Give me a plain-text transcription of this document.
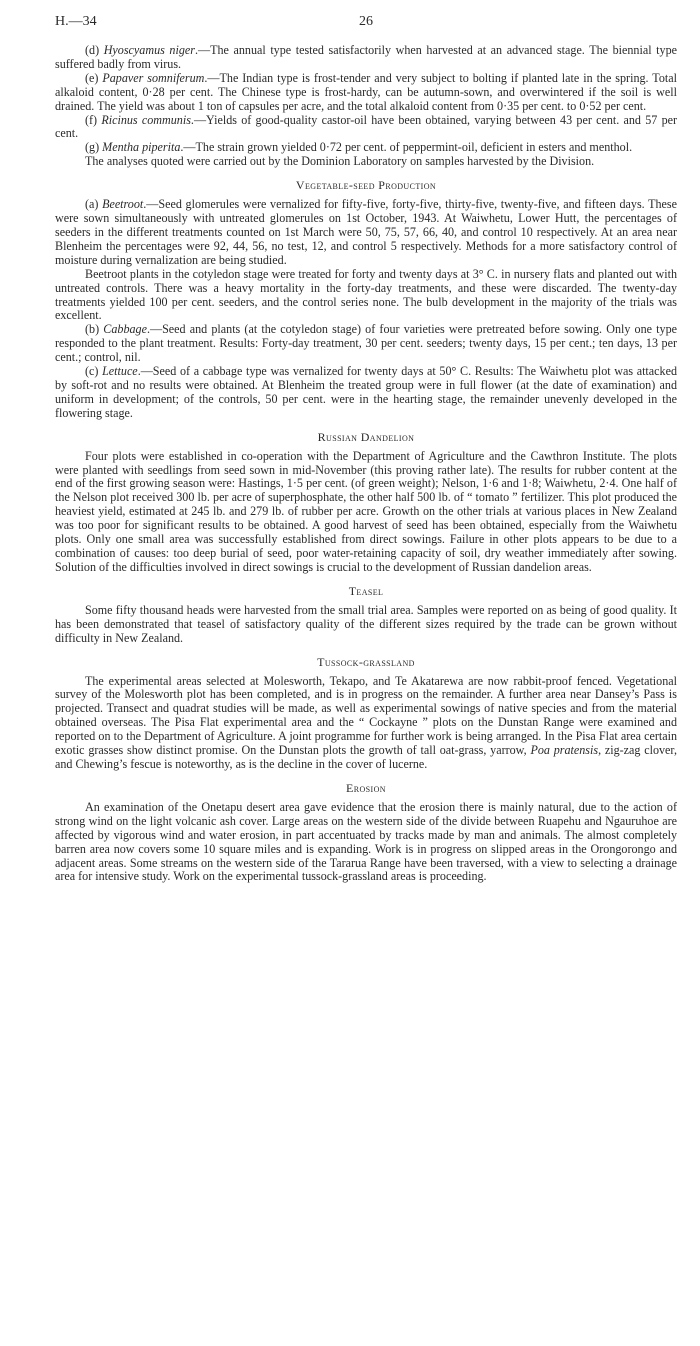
H.—34	26

(d) Hyoscyamus niger.—The annual type tested satisfactorily when harvested at an advanced stage. The biennial type suffered badly from virus.

(e) Papaver somniferum.—The Indian type is frost-tender and very subject to bolting if planted late in the spring. Total alkaloid content, 0·28 per cent. The Chinese type is frost-hardy, can be autumn-sown, and overwintered if the soil is well drained. The yield was about 1 ton of capsules per acre, and the total alkaloid content from 0·35 per cent. to 0·52 per cent.

(f) Ricinus communis.—Yields of good-quality castor-oil have been obtained, varying between 43 per cent. and 57 per cent.

(g) Mentha piperita.—The strain grown yielded 0·72 per cent. of peppermint-oil, deficient in esters and menthol.

The analyses quoted were carried out by the Dominion Laboratory on samples harvested by the Division.

Vegetable-seed Production

(a) Beetroot.—Seed glomerules were vernalized for fifty-five, forty-five, thirty-five, twenty-five, and fifteen days. These were sown simultaneously with untreated glomerules on 1st October, 1943. At Waiwhetu, Lower Hutt, the percentages of seeders in the different treatments counted on 1st March were 50, 75, 57, 66, 40, and control 10 respectively. At an area near Blenheim the percentages were 92, 44, 56, no test, 12, and control 5 respectively. Methods for a more satisfactory control of moisture during vernalization are being studied.

Beetroot plants in the cotyledon stage were treated for forty and twenty days at 3° C. in nursery flats and planted out with untreated controls. There was a heavy mortality in the forty-day treatments, and these were discarded. The twenty-day treatments yielded 100 per cent. seeders, and the control series none. The bulb development in the majority of the trials was excellent.

(b) Cabbage.—Seed and plants (at the cotyledon stage) of four varieties were pretreated before sowing. Only one type responded to the plant treatment. Results: Forty-day treatment, 30 per cent. seeders; twenty days, 15 per cent.; ten days, 13 per cent.; control, nil.

(c) Lettuce.—Seed of a cabbage type was vernalized for twenty days at 50° C. Results: The Waiwhetu plot was attacked by soft-rot and no results were obtained. At Blenheim the treated group were in full flower (at the date of examination) and uniform in development; of the controls, 50 per cent. were in the hearting stage, the remainder unevenly developed in the flowering stage.

Russian Dandelion

Four plots were established in co-operation with the Department of Agriculture and the Cawthron Institute. The plots were planted with seedlings from seed sown in mid-November (this proving rather late). The results for rubber content at the end of the first growing season were: Hastings, 1·5 per cent. (of green weight); Nelson, 1·6 and 1·8; Waiwhetu, 2·4. One half of the Nelson plot received 300 lb. per acre of superphosphate, the other half 500 lb. of “ tomato ” fertilizer. This plot produced the heaviest yield, estimated at 245 lb. and 279 lb. of rubber per acre. Growth on the other trials at various places in New Zealand was too poor for significant results to be obtained. A good harvest of seed has been obtained, especially from the Waiwhetu plots. Only one small area was successfully established from direct sowings. Failure in other plots appears to be due to a combination of causes: too deep burial of seed, poor water-retaining capacity of soil, dry weather immediately after sowing. Solution of the difficulties involved in direct sowings is crucial to the development of Russian dandelion areas.

Teasel

Some fifty thousand heads were harvested from the small trial area. Samples were reported on as being of good quality. It has been demonstrated that teasel of satisfactory quality of the different sizes required by the trade can be grown without difficulty in New Zealand.

Tussock-grassland

The experimental areas selected at Molesworth, Tekapo, and Te Akatarewa are now rabbit-proof fenced. Vegetational survey of the Molesworth plot has been completed, and is in progress on the remainder. A further area near Dansey’s Pass is projected. Transect and quadrat studies will be made, as well as experimental sowings of native species and from the material obtained overseas. The Pisa Flat experimental area and the “ Cockayne ” plots on the Dunstan Range were examined and reported on to the Department of Agriculture. A joint programme for further work is being arranged. In the Pisa Flat area certain exotic grasses show distinct promise. On the Dunstan plots the growth of tall oat-grass, yarrow, Poa pratensis, zig-zag clover, and Chewing’s fescue is noteworthy, as is the decline in the cover of lucerne.

Erosion

An examination of the Onetapu desert area gave evidence that the erosion there is mainly natural, due to the action of strong wind on the light volcanic ash cover. Large areas on the western side of the divide between Ruapehu and Ngauruhoe are affected by vigorous wind and water erosion, in part accentuated by tracks made by man and animals. The almost completely barren area now covers some 10 square miles and is expanding. Work is in progress on slipped areas in the Orongorongo and adjacent areas. Some streams on the western side of the Tararua Range have been traversed, with a view to selecting a drainage area for intensive study. Work on the experimental tussock-grassland areas is proceeding.
